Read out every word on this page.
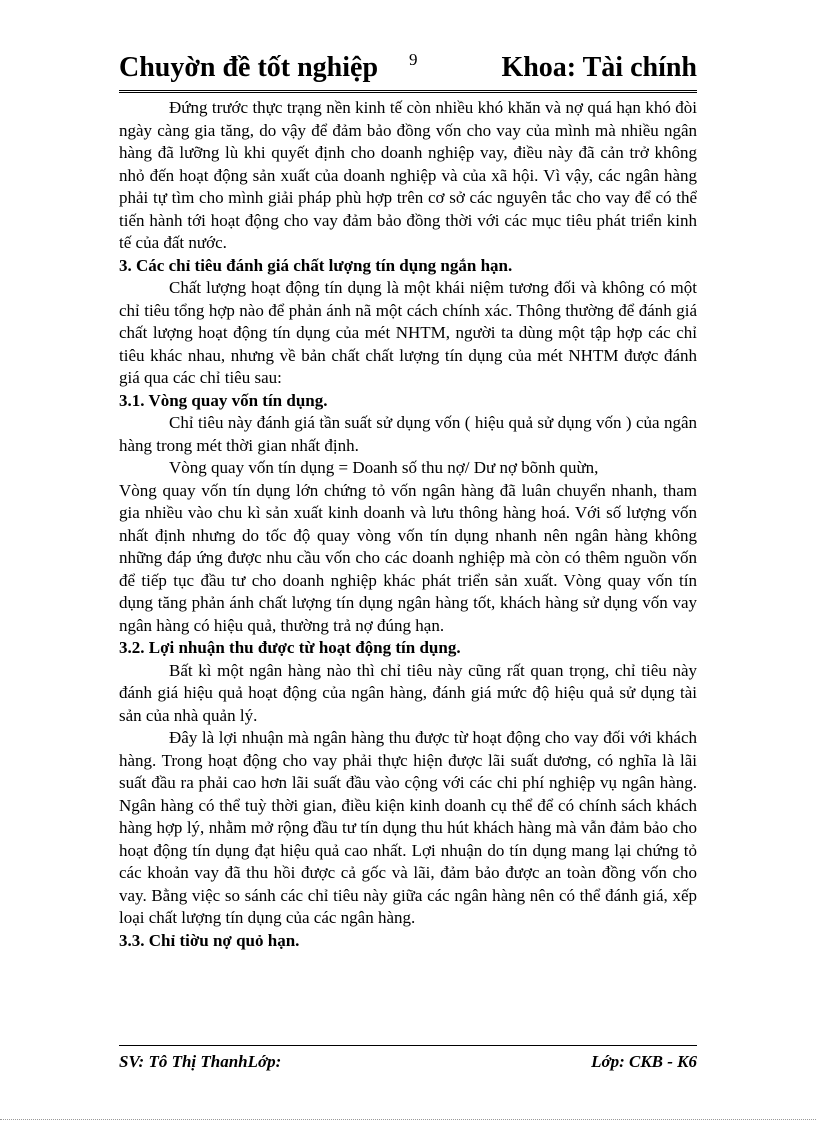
Chuyờn đề tốt nghiệp 9	Khoa: Tài chính

Đứng trước thực trạng nền kinh tế còn nhiều khó khăn và nợ quá hạn khó đòi ngày càng gia tăng, do vậy để đảm bảo đồng vốn cho vay của mình mà nhiều ngân hàng đã lưỡng lù khi quyết định cho doanh nghiệp vay, điều này đã cản trở không nhỏ đến hoạt động sản xuất của doanh nghiệp và của xã hội. Vì vậy, các ngân hàng phải tự tìm cho mình giải pháp phù hợp trên cơ sở các nguyên tắc cho vay để có thể tiến hành tới hoạt động cho vay đảm bảo đồng thời với các mục tiêu phát triển kinh tế của đất nước.

3. Các chỉ tiêu đánh giá chất lượng tín dụng ngắn hạn.

Chất lượng hoạt động tín dụng là một khái niệm tương đối và không có một chỉ tiêu tổng hợp nào để phản ánh nã một cách chính xác. Thông thường để đánh giá chất lượng hoạt động tín dụng của mét NHTM, người ta dùng một tập hợp các chỉ tiêu khác nhau, nhưng về bản chất chất lượng tín dụng của mét NHTM được đánh giá qua các chỉ tiêu sau:

3.1. Vòng quay vốn tín dụng.

Chỉ tiêu này đánh giá tần suất sử dụng vốn ( hiệu quả sử dụng vốn ) của ngân hàng trong mét thời gian nhất định.

Vòng quay vốn tín dụng = Doanh số thu nợ/ Dư nợ bõnh quừn,

Vòng quay vốn tín dụng lớn chứng tỏ vốn ngân hàng đã luân chuyển nhanh, tham gia nhiều vào chu kì sản xuất kinh doanh và lưu thông hàng hoá. Với số lượng vốn nhất định nhưng do tốc độ quay vòng vốn tín dụng nhanh nên ngân hàng không những đáp ứng được nhu cầu vốn cho các doanh nghiệp mà còn có thêm nguồn vốn để tiếp tục đầu tư cho doanh nghiệp khác phát triển sản xuất. Vòng quay vốn tín dụng tăng phản ánh chất lượng tín dụng ngân hàng tốt, khách hàng sử dụng vốn vay ngân hàng có hiệu quả, thường trả nợ đúng hạn.

3.2. Lợi nhuận thu được từ hoạt động tín dụng.

Bất kì một ngân hàng nào thì chỉ tiêu này cũng rất quan trọng, chỉ tiêu này đánh giá hiệu quả hoạt động của ngân hàng, đánh giá mức độ hiệu quả sử dụng tài sản của nhà quản lý.

Đây là lợi nhuận mà ngân hàng thu được từ hoạt động cho vay đối với khách hàng. Trong hoạt động cho vay phải thực hiện được lãi suất dương, có nghĩa là lãi suất đầu ra phải cao hơn lãi suất đầu vào cộng với các chi phí nghiệp vụ ngân hàng. Ngân hàng có thể tuỳ thời gian, điều kiện kinh doanh cụ thể để có chính sách khách hàng hợp lý, nhằm mở rộng đầu tư tín dụng thu hút khách hàng mà vẫn đảm bảo cho hoạt động tín dụng đạt hiệu quả cao nhất. Lợi nhuận do tín dụng mang lại chứng tỏ các khoản vay đã thu hồi được cả gốc và lãi, đảm bảo được an toàn đồng vốn cho vay. Bằng việc so sánh các chỉ tiêu này giữa các ngân hàng nên có thể đánh giá, xếp loại chất lượng tín dụng của các ngân hàng.

3.3. Chỉ tiờu nợ quỏ hạn.

SV: Tô Thị ThanhLớp:	Lớp: CKB - K6
